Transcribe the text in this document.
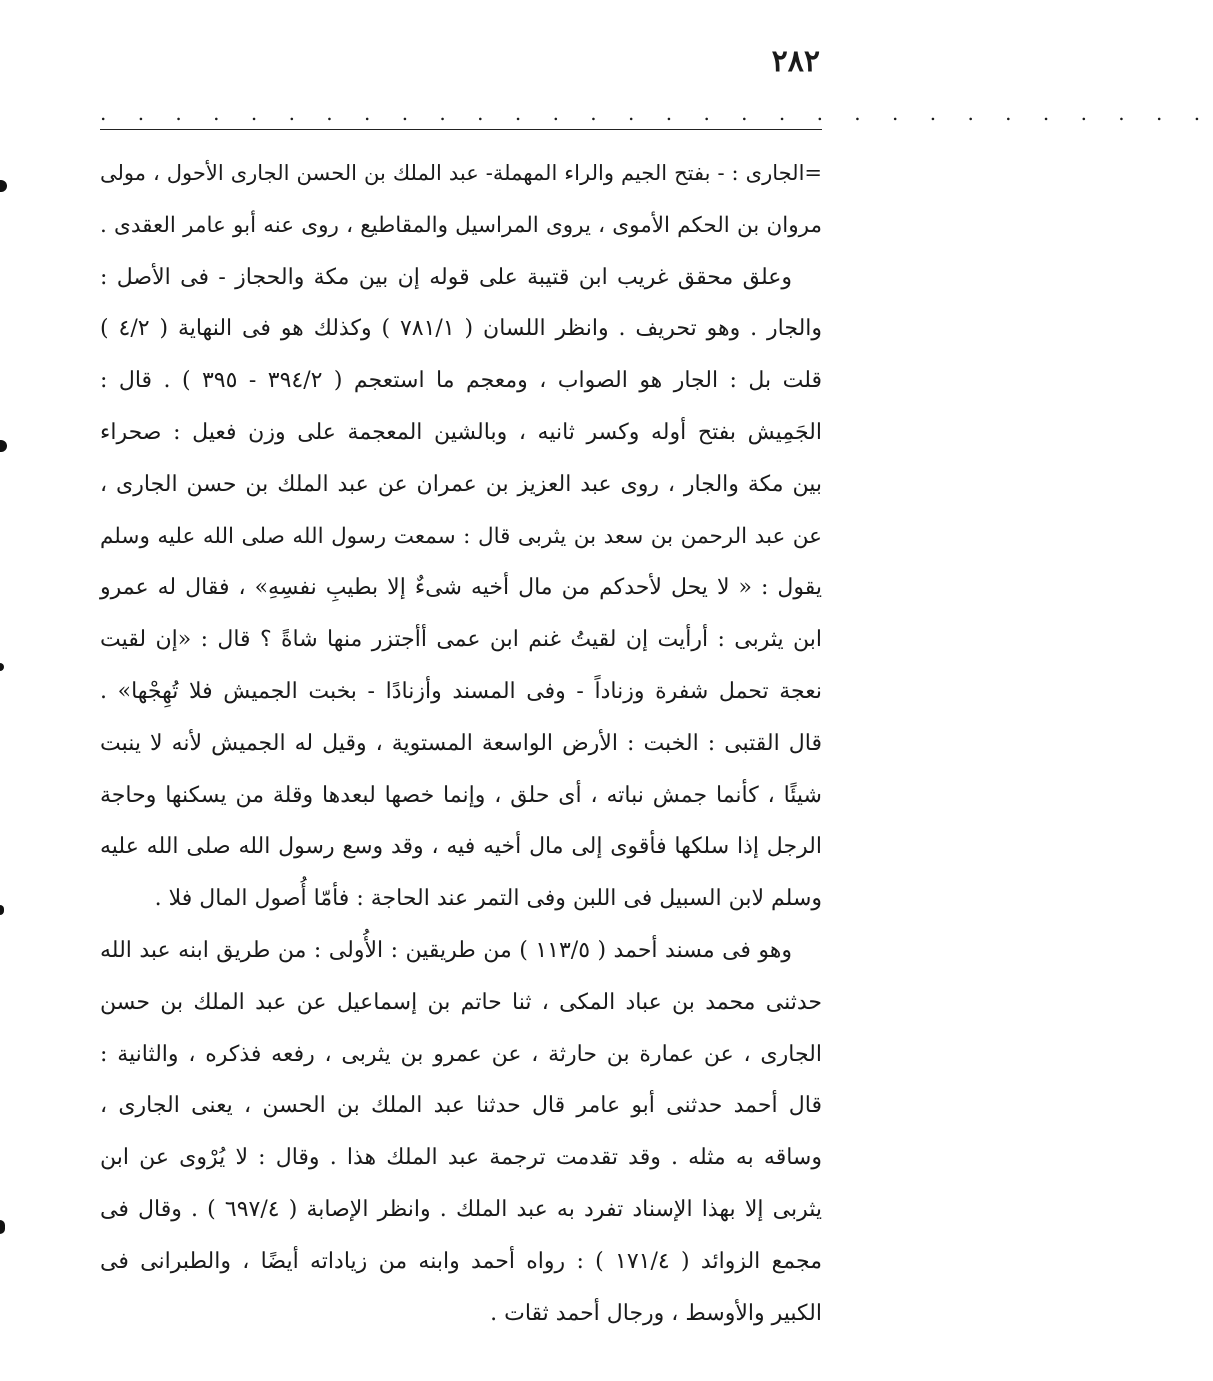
٢٨٢
. . . . . . . . . . . . . . . . . . . . . . . . . . . . . .
=الجاری : - بفتح الجيم والراء المهملة- عبد الملك بن الحسن الجاری الأحول ، مولی
مروان بن الحكم الأموی ، يروی المراسيل والمقاطيع ، روی عنه أبو عامر العقدی .
وعلق محقق غريب ابن قتيبة على قوله إن بين مكة والحجاز - فی الأصل :
والجار . وهو تحريف . وانظر اللسان ( ٧٨١/١ ) وكذلك هو فی النهاية ( ٤/٢ )
قلت بل : الجار هو الصواب ، ومعجم ما استعجم ( ٣٩٤/٢ - ٣٩٥ ) . قال :
الجَمِيش بفتح أوله وكسر ثانيه ، وبالشين المعجمة على وزن فعيل : صحراء
بين مكة والجار ، روی عبد العزيز بن عمران عن عبد الملك بن حسن الجاری ،
عن عبد الرحمن بن سعد بن يثربی قال : سمعت رسول الله صلى الله عليه وسلم
يقول : « لا يحل لأحدكم من مال أخيه شیءٌ إلا بطيبِ نفسِهِ» ، فقال له عمرو
ابن يثربی : أرأيت إن لقيتُ غنم ابن عمی أأجتزر منها شاةً ؟ قال : «إن لقيت
نعجة تحمل شفرة وزناداً - وفی المسند وأزنادًا - بخبت الجميش فلا تُهِجْها» .
قال القتبی : الخبت : الأرض الواسعة المستوية ، وقيل له الجميش لأنه لا ينبت
شيئًا ، كأنما جمش نباته ، أی حلق ، وإنما خصها لبعدها وقلة من يسكنها وحاجة
الرجل إذا سلكها فأقوى إلى مال أخيه فيه ، وقد وسع رسول الله صلى الله عليه
وسلم لابن السبيل فی اللبن وفی التمر عند الحاجة : فأمّا أُصول المال فلا .
وهو فی مسند أحمد ( ١١٣/٥ ) من طريقين : الأُولى : من طريق ابنه عبد الله
حدثنی محمد بن عباد المكی ، ثنا حاتم بن إسماعيل عن عبد الملك بن حسن
الجاری ، عن عمارة بن حارثة ، عن عمرو بن يثربی ، رفعه فذكره ، والثانية :
قال أحمد حدثنی أبو عامر قال حدثنا عبد الملك بن الحسن ، يعنی الجاری ،
وساقه به مثله . وقد تقدمت ترجمة عبد الملك هذا . وقال : لا يُرْوی عن ابن
يثربی إلا بهذا الإسناد تفرد به عبد الملك . وانظر الإصابة ( ٦٩٧/٤ ) . وقال فی
مجمع الزوائد ( ١٧١/٤ ) : رواه أحمد وابنه من زياداته أيضًا ، والطبرانی فی
الكبير والأوسط ، ورجال أحمد ثقات .
